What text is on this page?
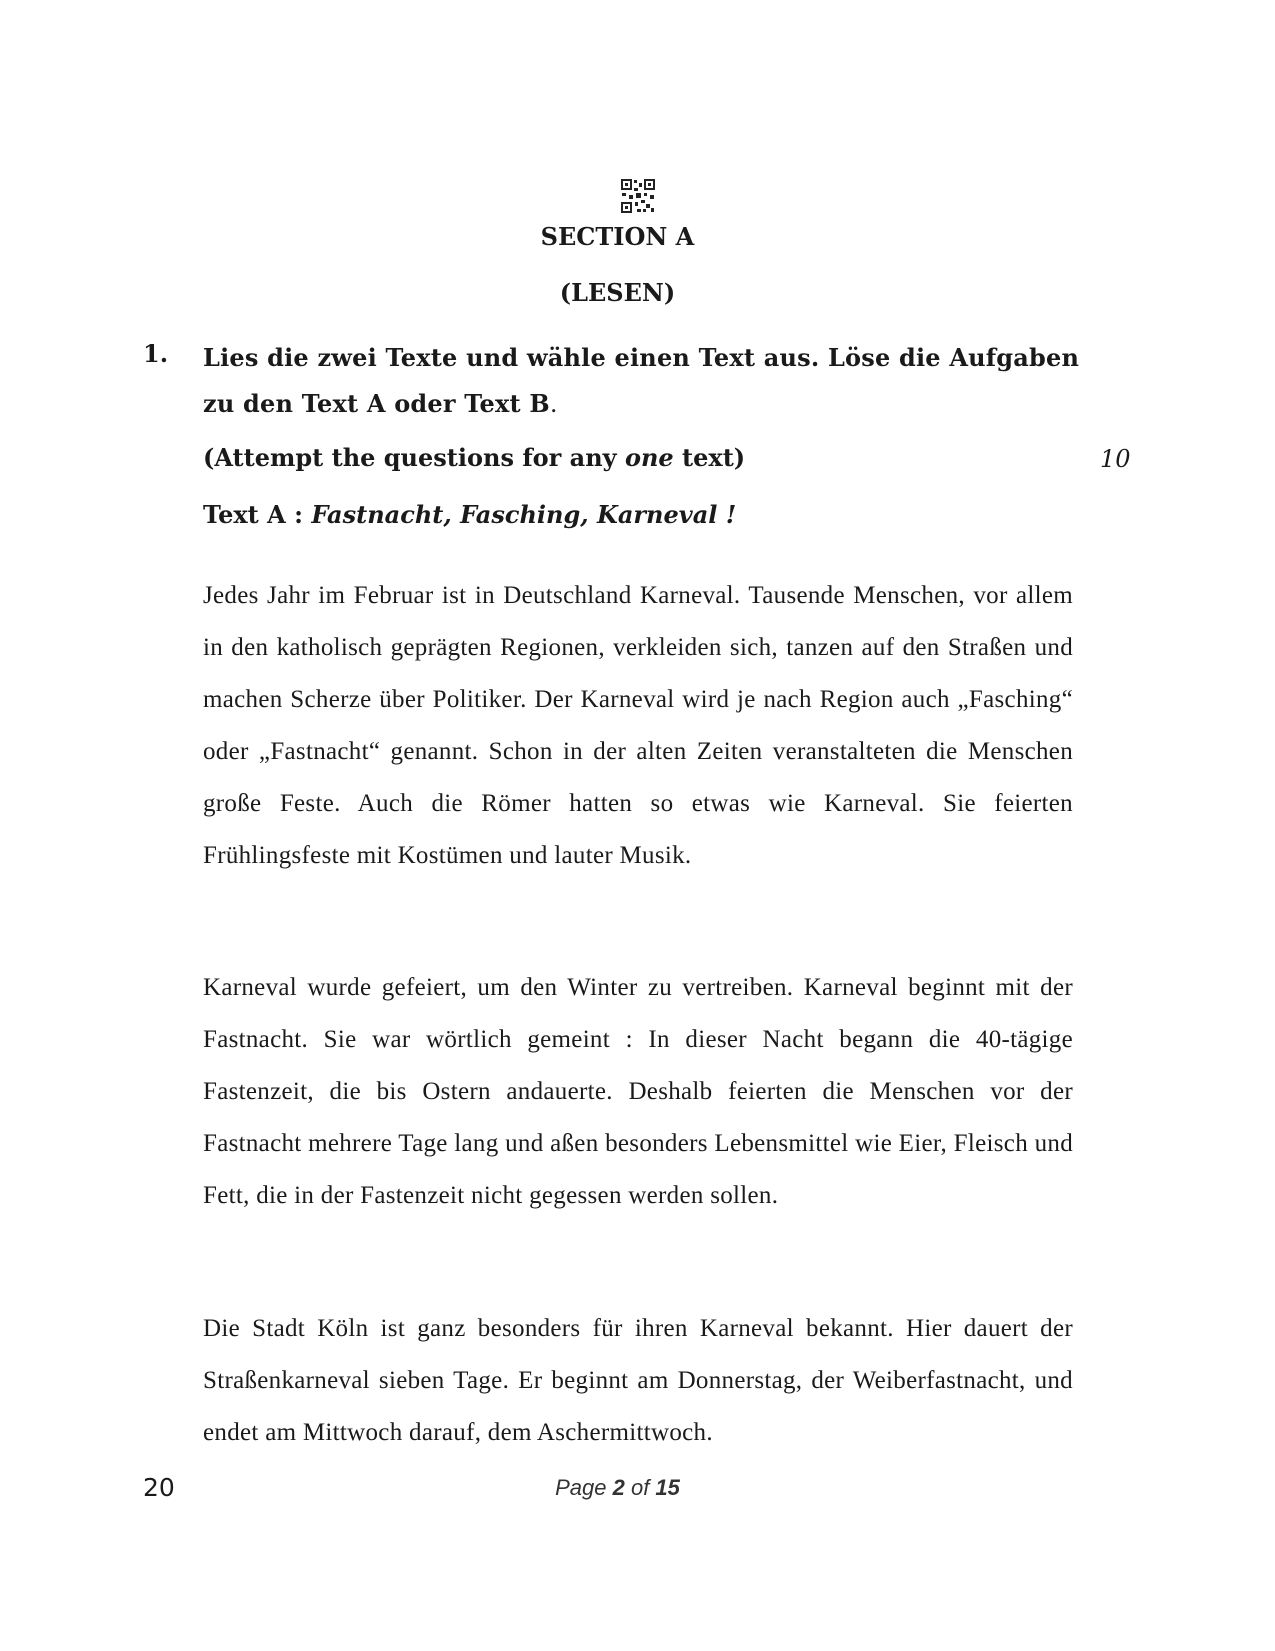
SECTION A
(LESEN)
1. Lies die zwei Texte und wähle einen Text aus. Löse die Aufgaben zu den Text A oder Text B.
(Attempt the questions for any one text)	10
Text A : Fastnacht, Fasching, Karneval !
Jedes Jahr im Februar ist in Deutschland Karneval. Tausende Menschen, vor allem in den katholisch geprägten Regionen, verkleiden sich, tanzen auf den Straßen und machen Scherze über Politiker. Der Karneval wird je nach Region auch „Fasching“ oder „Fastnacht“ genannt. Schon in der alten Zeiten veranstalteten die Menschen große Feste. Auch die Römer hatten so etwas wie Karneval. Sie feierten Frühlingsfeste mit Kostümen und lauter Musik.
Karneval wurde gefeiert, um den Winter zu vertreiben. Karneval beginnt mit der Fastnacht. Sie war wörtlich gemeint : In dieser Nacht begann die 40-tägige Fastenzeit, die bis Ostern andauerte. Deshalb feierten die Menschen vor der Fastnacht mehrere Tage lang und aßen besonders Lebensmittel wie Eier, Fleisch und Fett, die in der Fastenzeit nicht gegessen werden sollen.
Die Stadt Köln ist ganz besonders für ihren Karneval bekannt. Hier dauert der Straßenkarneval sieben Tage. Er beginnt am Donnerstag, der Weiberfastnacht, und endet am Mittwoch darauf, dem Aschermittwoch.
20	Page 2 of 15
